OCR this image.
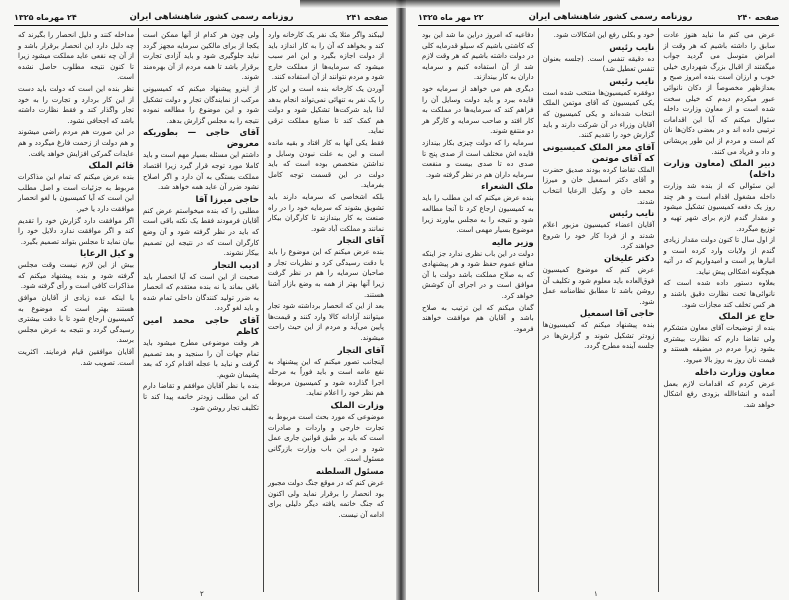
صفحه ۲۴۱
روزنامه رسمی کشور شاهنشاهی ایران
۲۴ مهرماه ۱۳۲۵

لیبکند واگر مثلا یک نفر یک کارخانه وارد کند و بخواهد که آن را به کار اندازد باید از دولت اجازه بگیرد و این امر سبب میشود که سرمایه‌ها از مملکت خارج شود و مردم نتوانند از آن استفاده کنند.

آوردن یک کارخانه بنده است و این کار را یک نفر به تنهائی نمی‌تواند انجام بدهد لذا باید شرکت‌ها تشکیل شود و دولت هم کمک کند تا صنایع مملکت ترقی نماید.

فقط یکی آنها به کار افتاد و بقیه مانده است و این به علت نبودن وسایل و نداشتن متخصص بوده است که باید دولت در این قسمت توجه کامل بفرماید.

بلکه اشخاصی که سرمایه دارند باید تشویق بشوند که سرمایه خود را در راه صنعت به کار بیندازند تا کارگران بیکار نمانند و مملکت آباد شود.

آقای التجار

بنده عرض میکنم که این موضوع را باید با دقت رسیدگی کرد و نظریات تجار و صاحبان سرمایه را هم در نظر گرفت زیرا آنها بهتر از همه به وضع بازار آشنا هستند.

بعد از این که انحصار برداشته شود تجار میتوانند آزادانه کالا وارد کنند و قیمت‌ها پایین می‌آید و مردم از این حیث راحت میشوند.

آقای التجار

اینجانب تصور میکنم که این پیشنهاد به نفع عامه است و باید فوراً به مرحله اجرا گذارده شود و کمیسیون مربوطه هم نظر خود را اعلام نماید.

وزارت الملک

موضوعی که مورد بحث است مربوط به تجارت خارجی و واردات و صادرات است که باید بر طبق قوانین جاری عمل شود و در این باب وزارت بازرگانی مسئول است.

مسئول السلطنه

عرض کنم که در موقع جنگ دولت مجبور بود انحصار را برقرار نماید ولی اکنون که جنگ خاتمه یافته دیگر دلیلی برای ادامه آن نیست.

ولی چون هر کدام از آنها ممکن است یکجا از برای مالکین سرمایه مجهز گردد نباید جلوگیری شود و باید آزادی تجارت برقرار باشد تا همه مردم از آن بهره‌مند شوند.

از اینرو پیشنهاد میکنم که کمیسیونی مرکب از نمایندگان تجار و دولت تشکیل شود و این موضوع را مطالعه نموده نتیجه را به مجلس گزارش بدهد.

آقای حاجی — بطوریکه معروض

داشتم این مسئله بسیار مهم است و باید کاملا مورد توجه قرار گیرد زیرا اقتصاد مملکت بستگی به آن دارد و اگر اصلاح نشود ضرر آن عاید همه خواهد شد.

حاجی میرزا آقا

مطلبی را که بنده میخواستم عرض کنم آقایان فرمودند فقط یک نکته باقی است که باید در نظر گرفته شود و آن وضع کارگران است که در نتیجه این تصمیم بیکار نشوند.

ادیب التجار

صحبت از این است که آیا انحصار باید باقی بماند یا نه بنده معتقدم که انحصار به ضرر تولید کنندگان داخلی تمام شده و باید لغو گردد.

آقای حاجی محمد امین کاظم

هر وقت موضوعی مطرح میشود باید تمام جهات آن را سنجید و بعد تصمیم گرفت و نباید با عجله اقدام کرد که بعد پشیمان شویم.

بنده با نظر آقایان موافقم و تقاضا دارم که این مطلب زودتر خاتمه پیدا کند تا تکلیف تجار روشن شود.

مداخله کنند و دلیل انحصار را بگیرند که چه دلیل دارد این انحصار برقرار باشد و از آن چه نفعی عاید مملکت میشود زیرا تا کنون نتیجه مطلوب حاصل نشده است.

نظر بنده این است که دولت باید دست از این کار بردارد و تجارت را به خود تجار واگذار کند و فقط نظارت داشته باشد که اجحافی نشود.

در این صورت هم مردم راضی میشوند و هم دولت از زحمت فارغ میگردد و هم عایدات گمرکی افزایش خواهد یافت.

قائم الملک

بنده عرض میکنم که تمام این مذاکرات مربوط به جزئیات است و اصل مطلب این است که آیا کمیسیون با لغو انحصار موافقت دارد یا خیر.

اگر موافقت دارد گزارش خود را تقدیم کند و اگر موافقت ندارد دلایل خود را بیان نماید تا مجلس بتواند تصمیم بگیرد.

و کیل الرعایا

بیش از این لازم نیست وقت مجلس گرفته شود و بنده پیشنهاد میکنم که مذاکرات کافی است و رأی گرفته شود.

با اینکه عده زیادی از آقایان موافق هستند بهتر است که موضوع به کمیسیون ارجاع شود تا با دقت بیشتری رسیدگی گردد و نتیجه به عرض مجلس برسد.

آقایان موافقین قیام فرمایند. اکثریت است. تصویب شد.

۲
صفحه ۲۴۰
روزنامه رسمی کشور شاهنشاهی ایران
۲۲ مهر ماه ۱۳۲۵

عرض می کنم ما نباید هنوز عادت سابق را داشته باشیم که هر وقت از امراض متوسل می گردید جواب میگفتند از اقبال بزرگ شهرداری خیلی خوب و ارزان است بنده امروز صبح و بعدازظهر مخصوصاً از دکان نانوائی عبور میکردم دیدم که خیلی سخت شده است و از معاون وزارت داخله سئوال میکنم که آیا این اقدامات ترتیبی داده اند و در بعضی دکان‌ها نان کم است و مردم از این طور پریشانی و داد و فریاد می کنند.

دبیر الملک (معاون وزارت داخله)

این سئوالی که از بنده شد وزارت داخله مشغول اقدام است و هر چند روز یک دفعه کمیسیون تشکیل میشود و مقدار گندم لازم برای شهر تهیه و توزیع میگردد.

از اول سال تا کنون دولت مقدار زیادی گندم از ولایات وارد کرده است و انبارها پر است و امیدواریم که در آتیه هیچگونه اشکالی پیش نیاید.

بعلاوه دستور داده شده است که نانوائی‌ها تحت نظارت دقیق باشند و هر کس تخلف کند مجازات شود.

حاج عز الملک

بنده از توضیحات آقای معاون متشکرم ولی تقاضا دارم که نظارت بیشتری بشود زیرا مردم در مضیقه هستند و قیمت نان روز به روز بالا میرود.

معاون وزارت داخله

عرض کردم که اقدامات لازم بعمل آمده و انشاءالله بزودی رفع اشکال خواهد شد.

خود و بکلی رفع این اشکالات شود.

نایب رئیس

ده دقیقه تنفس است. (جلسه بعنوان تنفس تعطیل شد)

نایب رئیس

دوفقره کمیسیون‌ها منتخب شده است یکی کمیسیون که آقای موتمن الملک انتخاب شده‌اند و یکی کمیسیون که آقایان وزراء در آن شرکت دارند و باید گزارش خود را تقدیم کنند.

آقای معز الملک کمیسیونی که آقای موتمن

الملک تقاضا کرده بودند صدیق حضرت و آقای دکتر اسمعیل خان و میرزا محمد خان و وکیل الرعایا انتخاب شدند.

نایب رئیس

آقایان اعضاء کمیسیون مزبور اعلام شدند و از فردا کار خود را شروع خواهند کرد.

دکتر علیخان

عرض کنم که موضوع کمیسیون فوق‌العاده باید معلوم شود و تکلیف آن روشن باشد تا مطابق نظامنامه عمل شود.

حاجی آقا اسمعیل

بنده پیشنهاد میکنم که کمیسیون‌ها زودتر تشکیل شوند و گزارش‌ها در جلسه آینده مطرح گردد.

دفاعیه که امروز دراین ما شد این بود که کاشتی باشیم که سیلو قدرمایه کلی در دولت داشته باشیم که هر وقت لازم شد از آن استفاده کنیم و سرمایه داران به کار بیندازند.

دیگری هم می خواهد از سرمایه خود فایده ببرد و باید دولت وسایل آن را فراهم کند که سرمایه‌ها در مملکت به کار افتد و صاحب سرمایه و کارگر هر دو منتفع شوند.

سرمایه را که دولت چیزی بکار بیندازد فایده اش مختلف است از صدی پنج تا صدی ده تا صدی بیست و منفعت سرمایه داران هم در نظر گرفته شود.

ملک الشعراء

بنده عرض میکنم که این مطلب را باید به کمیسیون ارجاع کرد تا آنجا مطالعه شود و نتیجه را به مجلس بیاورند زیرا موضوع بسیار مهمی است.

وزیر مالیه

دولت در این باب نظری ندارد جز اینکه منافع عموم حفظ شود و هر پیشنهادی که به صلاح مملکت باشد دولت با آن موافق است و در اجرای آن کوشش خواهد کرد.

گمان میکنم که این ترتیب به صلاح باشد و آقایان هم موافقت خواهند فرمود.

۱
